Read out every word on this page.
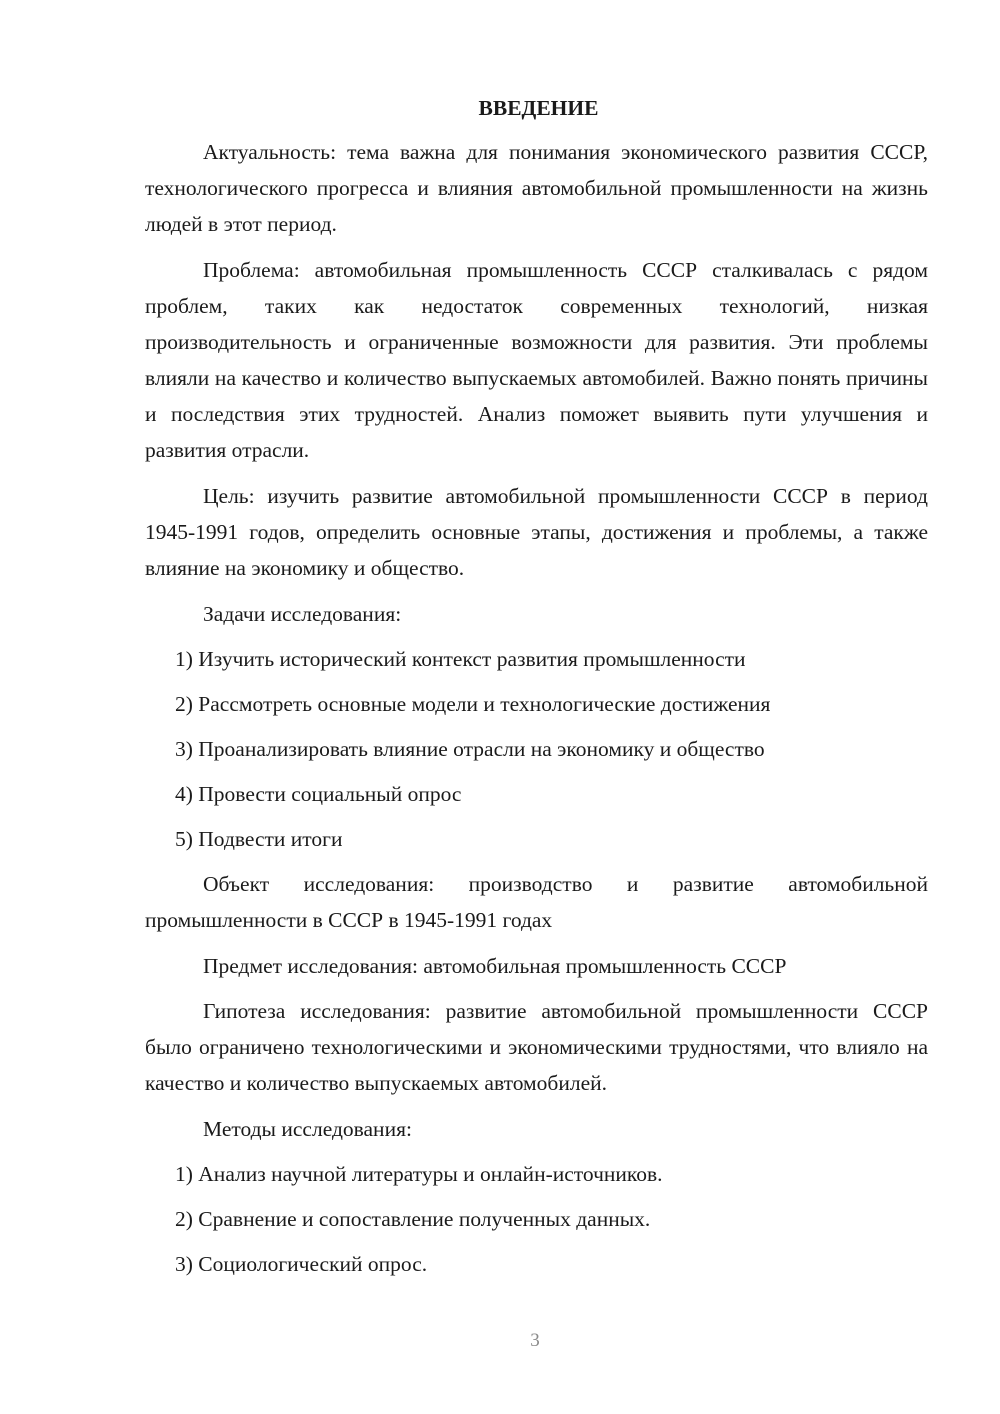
ВВЕДЕНИЕ

Актуальность: тема важна для понимания экономического развития СССР, технологического прогресса и влияния автомобильной промышленности на жизнь людей в этот период.

Проблема: автомобильная промышленность СССР сталкивалась с рядом проблем, таких как недостаток современных технологий, низкая производительность и ограниченные возможности для развития. Эти проблемы влияли на качество и количество выпускаемых автомобилей. Важно понять причины и последствия этих трудностей. Анализ поможет выявить пути улучшения и развития отрасли.

Цель: изучить развитие автомобильной промышленности СССР в период 1945-1991 годов, определить основные этапы, достижения и проблемы, а также влияние на экономику и общество.

Задачи исследования:

1) Изучить исторический контекст развития промышленности

2) Рассмотреть основные модели и технологические достижения

3) Проанализировать влияние отрасли на экономику и общество

4) Провести социальный опрос

5) Подвести итоги

Объект исследования: производство и развитие автомобильной промышленности в СССР в 1945-1991 годах

Предмет исследования: автомобильная промышленность СССР

Гипотеза исследования: развитие автомобильной промышленности СССР было ограничено технологическими и экономическими трудностями, что влияло на качество и количество выпускаемых автомобилей.

Методы исследования:

1) Анализ научной литературы и онлайн-источников.

2) Сравнение и сопоставление полученных данных.

3) Социологический опрос.

3
